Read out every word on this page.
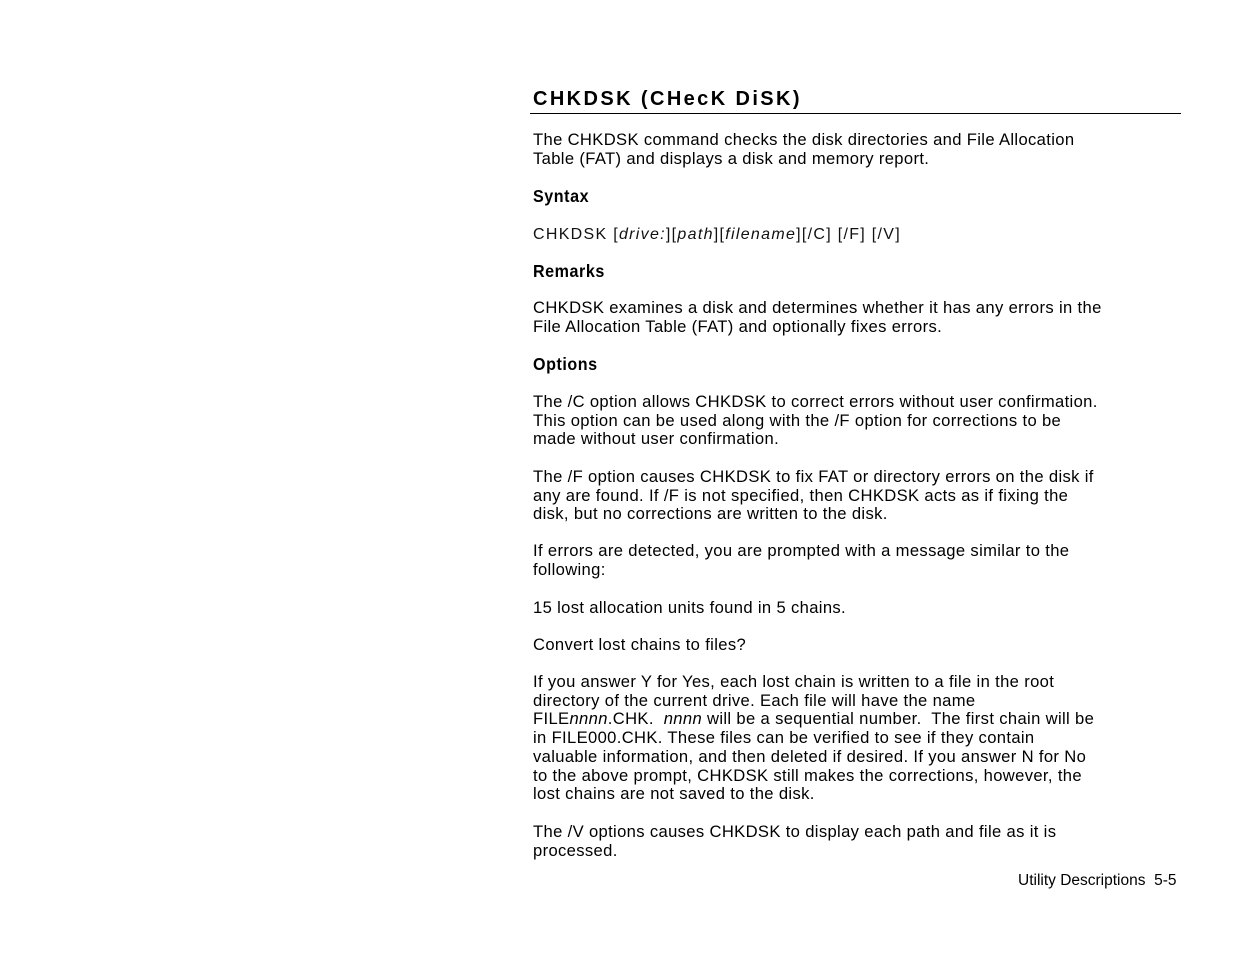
CHKDSK (CHecK DiSK)

The CHKDSK command checks the disk directories and File Allocation

Table (FAT) and displays a disk and memory report.

Syntax

CHKDSK [drive:][path][filename][/C] [/F] [/V]

Remarks

CHKDSK examines a disk and determines whether it has any errors in the

File Allocation Table (FAT) and optionally fixes errors.

Options

The /C option allows CHKDSK to correct errors without user confirmation.

This option can be used along with the /F option for corrections to be

made without user confirmation.

The /F option causes CHKDSK to fix FAT or directory errors on the disk if

any are found. If /F is not specified, then CHKDSK acts as if fixing the

disk, but no corrections are written to the disk.

If errors are detected, you are prompted with a message similar to the

following:

15 lost allocation units found in 5 chains.

Convert lost chains to files?

If you answer Y for Yes, each lost chain is written to a file in the root

directory of the current drive. Each file will have the name

FILEnnnn.CHK.  nnnn will be a sequential number.  The first chain will be

in FILE000.CHK. These files can be verified to see if they contain

valuable information, and then deleted if desired. If you answer N for No

to the above prompt, CHKDSK still makes the corrections, however, the

lost chains are not saved to the disk.

The /V options causes CHKDSK to display each path and file as it is

processed.

Utility Descriptions  5-5
